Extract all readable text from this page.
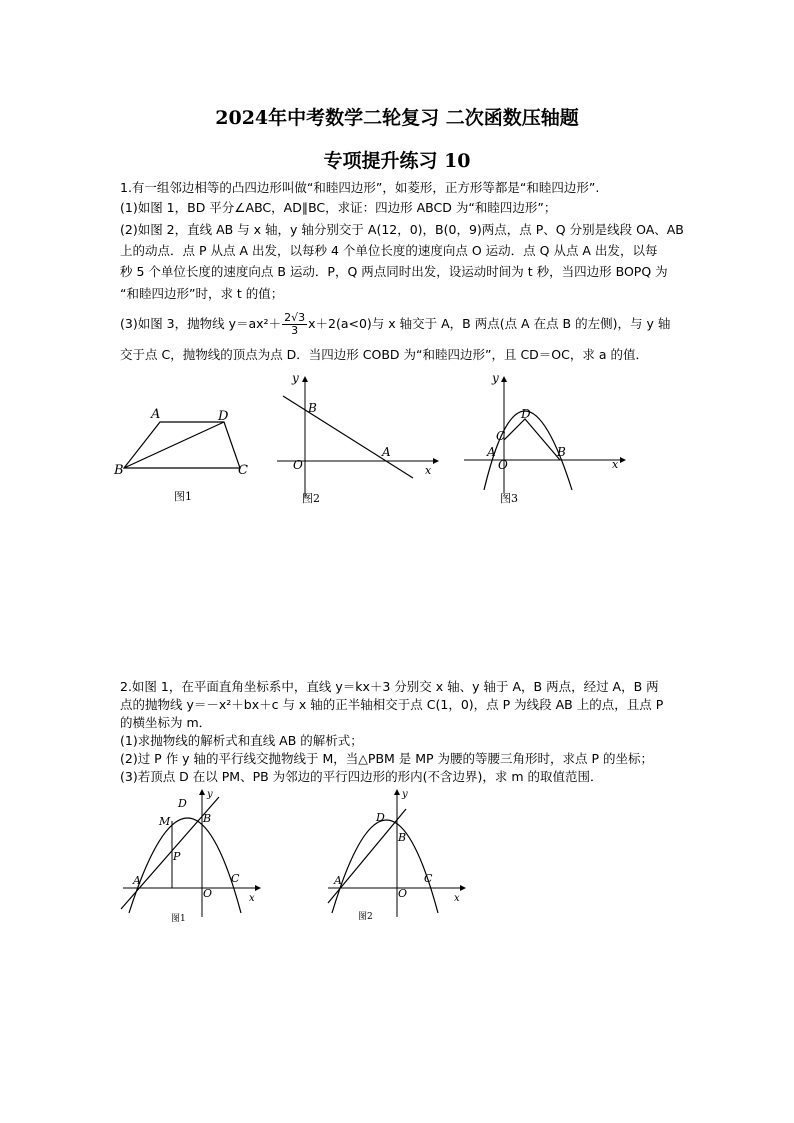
2024年中考数学二轮复习 二次函数压轴题
专项提升练习 10
1.有一组邻边相等的凸四边形叫做“和睦四边形”，如菱形，正方形等都是“和睦四边形”.
(1)如图 1，BD 平分∠ABC，AD∥BC，求证：四边形 ABCD 为“和睦四边形”；
(2)如图 2，直线 AB 与 x 轴，y 轴分别交于 A(12，0)，B(0，9)两点，点 P、Q 分别是线段 OA、AB
上的动点．点 P 从点 A 出发，以每秒 4 个单位长度的速度向点 O 运动．点 Q 从点 A 出发，以每
秒 5 个单位长度的速度向点 B 运动．P，Q 两点同时出发，设运动时间为 t 秒，当四边形 BOPQ 为
“和睦四边形”时，求 t 的值；
(3)如图 3，抛物线 $y=ax^2+ \frac{2√3}{3} x+2(a<0)$与 x 轴交于 A，B 两点(点 A 在点 B 的左侧)，与 y 轴
交于点 C，抛物线的顶点为点 D．当四边形 COBD 为“和睦四边形”，且 CD＝OC，求 a 的值．
A	D
B	C
图1
x
y
O
B
A
图2
x
y
O
A	B
C
D
图3
2.如图 1，在平面直角坐标系中，直线 y＝kx＋3 分别交 x 轴、y 轴于 A，B 两点，经过 A，B 两
点的抛物线 y＝－x²＋bx＋c 与 x 轴的正半轴相交于点 C(1，0)，点 P 为线段 AB 上的点，且点 P
的横坐标为 m．
(1)求抛物线的解析式和直线 AB 的解析式；
(2)过 P 作 y 轴的平行线交抛物线于 M，当△PBM 是 MP 为腰的等腰三角形时，求点 P 的坐标；
(3)若顶点 D 在以 PM、PB 为邻边的平行四边形的形内(不含边界)，求 m 的取值范围．
x
y
O
A
B
C
D
M
P
图1
x
y
O
A
B
C
D
图2
